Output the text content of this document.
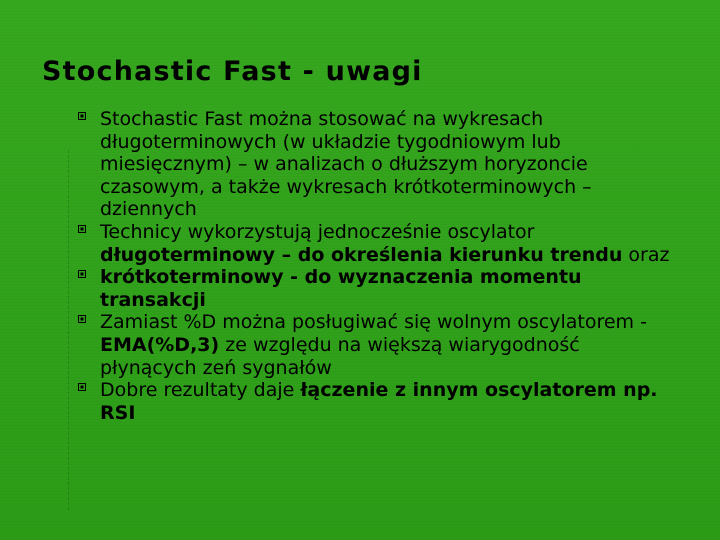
Stochastic Fast - uwagi

Stochastic Fast można stosować na wykresach długoterminowych (w układzie tygodniowym lub miesięcznym) – w analizach o dłuższym horyzoncie czasowym, a także wykresach krótkoterminowych – dziennych

Technicy wykorzystują jednocześnie oscylator długoterminowy – do określenia kierunku trendu oraz

krótkoterminowy - do wyznaczenia momentu transakcji

Zamiast %D można posługiwać się wolnym oscylatorem - EMA(%D,3) ze względu na większą wiarygodność płynących zeń sygnałów

Dobre rezultaty daje łączenie z innym oscylatorem np. RSI
